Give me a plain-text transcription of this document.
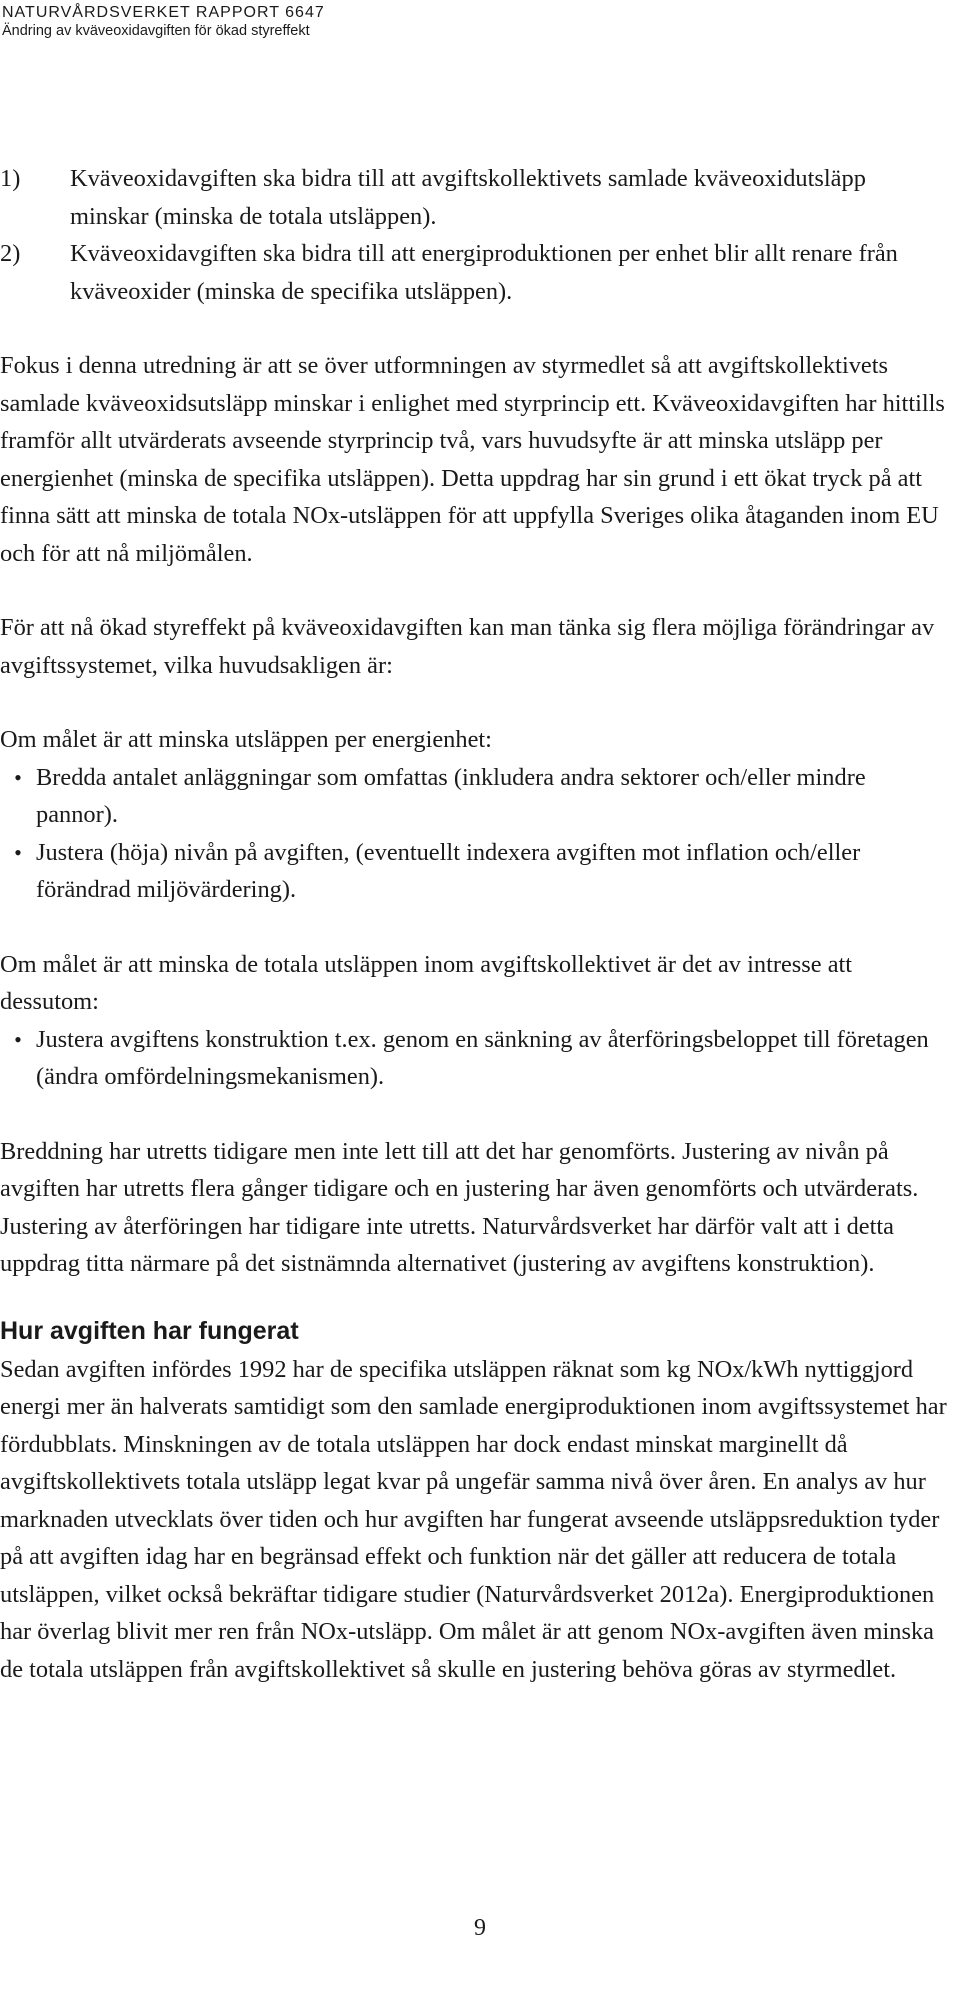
NATURVÅRDSVERKET RAPPORT 6647
Ändring av kväveoxidavgiften för ökad styreffekt
1)	Kväveoxidavgiften ska bidra till att avgiftskollektivets samlade kväveoxidutsläpp minskar (minska de totala utsläppen).
2)	Kväveoxidavgiften ska bidra till att energiproduktionen per enhet blir allt renare från kväveoxider (minska de specifika utsläppen).

Fokus i denna utredning är att se över utformningen av styrmedlet så att avgiftskollektivets samlade kväveoxidsutsläpp minskar i enlighet med styrprincip ett. Kväveoxidavgiften har hittills framför allt utvärderats avseende styrprincip två, vars huvudsyfte är att minska utsläpp per energienhet (minska de specifika utsläppen). Detta uppdrag har sin grund i ett ökat tryck på att finna sätt att minska de totala NOx-utsläppen för att uppfylla Sveriges olika åtaganden inom EU och för att nå miljömålen.

För att nå ökad styreffekt på kväveoxidavgiften kan man tänka sig flera möjliga förändringar av avgiftssystemet, vilka huvudsakligen är:

Om målet är att minska utsläppen per energienhet:

• Bredda antalet anläggningar som omfattas (inkludera andra sektorer och/eller mindre pannor).
• Justera (höja) nivån på avgiften, (eventuellt indexera avgiften mot inflation och/eller förändrad miljövärdering).

Om målet är att minska de totala utsläppen inom avgiftskollektivet är det av intresse att dessutom:

• Justera avgiftens konstruktion t.ex. genom en sänkning av återföringsbeloppet till företagen (ändra omfördelningsmekanismen).

Breddning har utretts tidigare men inte lett till att det har genomförts. Justering av nivån på avgiften har utretts flera gånger tidigare och en justering har även genomförts och utvärderats. Justering av återföringen har tidigare inte utretts. Naturvårdsverket har därför valt att i detta uppdrag titta närmare på det sistnämnda alternativet (justering av avgiftens konstruktion).

Hur avgiften har fungerat

Sedan avgiften infördes 1992 har de specifika utsläppen räknat som kg NOx/kWh nyttiggjord energi mer än halverats samtidigt som den samlade energiproduktionen inom avgiftssystemet har fördubblats. Minskningen av de totala utsläppen har dock endast minskat marginellt då avgiftskollektivets totala utsläpp legat kvar på ungefär samma nivå över åren. En analys av hur marknaden utvecklats över tiden och hur avgiften har fungerat avseende utsläppsreduktion tyder på att avgiften idag har en begränsad effekt och funktion när det gäller att reducera de totala utsläppen, vilket också bekräftar tidigare studier (Naturvårdsverket 2012a). Energiproduktionen har överlag blivit mer ren från NOx-utsläpp. Om målet är att genom NOx-avgiften även minska de totala utsläppen från avgiftskollektivet så skulle en justering behöva göras av styrmedlet.

9
